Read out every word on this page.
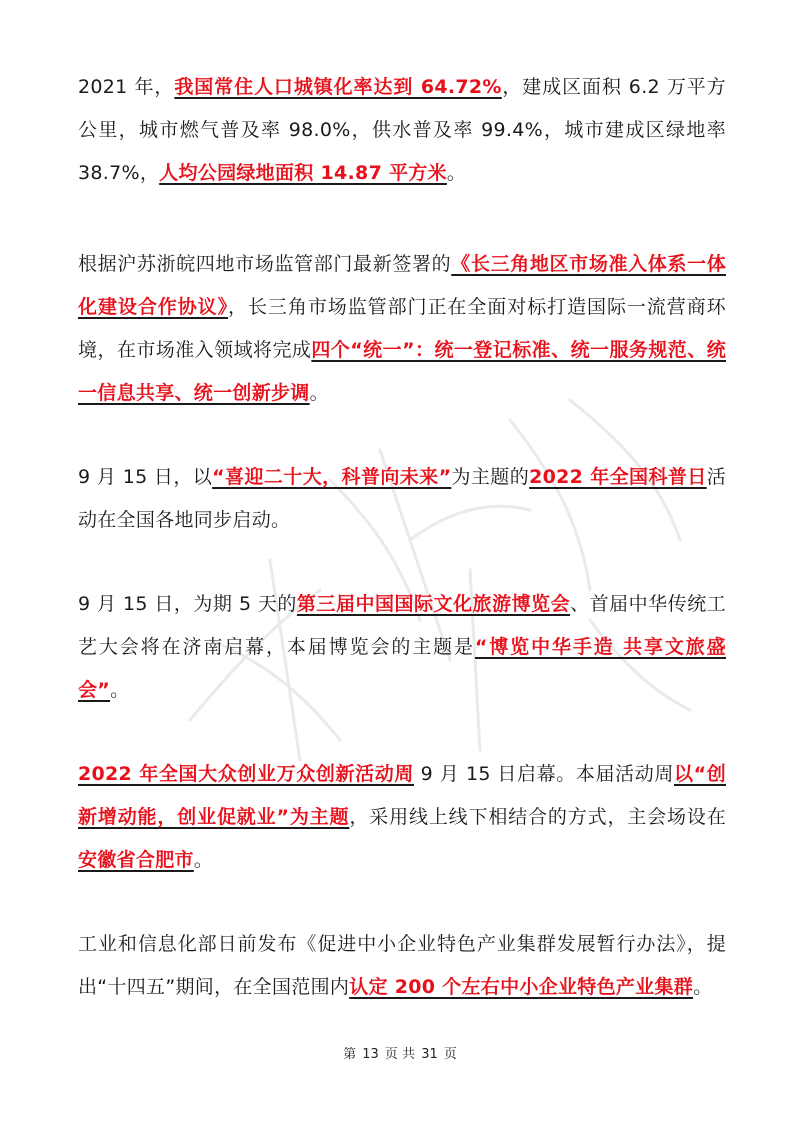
2021 年，我国常住人口城镇化率达到 64.72%，建成区面积 6.2 万平方公里，城市燃气普及率 98.0%，供水普及率 99.4%，城市建成区绿地率 38.7%，人均公园绿地面积 14.87 平方米。

根据沪苏浙皖四地市场监管部门最新签署的《长三角地区市场准入体系一体化建设合作协议》，长三角市场监管部门正在全面对标打造国际一流营商环境，在市场准入领域将完成四个“统一”：统一登记标准、统一服务规范、统一信息共享、统一创新步调。

9 月 15 日，以“喜迎二十大，科普向未来”为主题的2022 年全国科普日活动在全国各地同步启动。

9 月 15 日，为期 5 天的第三届中国国际文化旅游博览会、首届中华传统工艺大会将在济南启幕，本届博览会的主题是“博览中华手造 共享文旅盛会”。

2022 年全国大众创业万众创新活动周 9 月 15 日启幕。本届活动周以“创新增动能，创业促就业”为主题，采用线上线下相结合的方式，主会场设在安徽省合肥市。

工业和信息化部日前发布《促进中小企业特色产业集群发展暂行办法》，提出“十四五”期间，在全国范围内认定 200 个左右中小企业特色产业集群。

第 13 页 共 31 页
